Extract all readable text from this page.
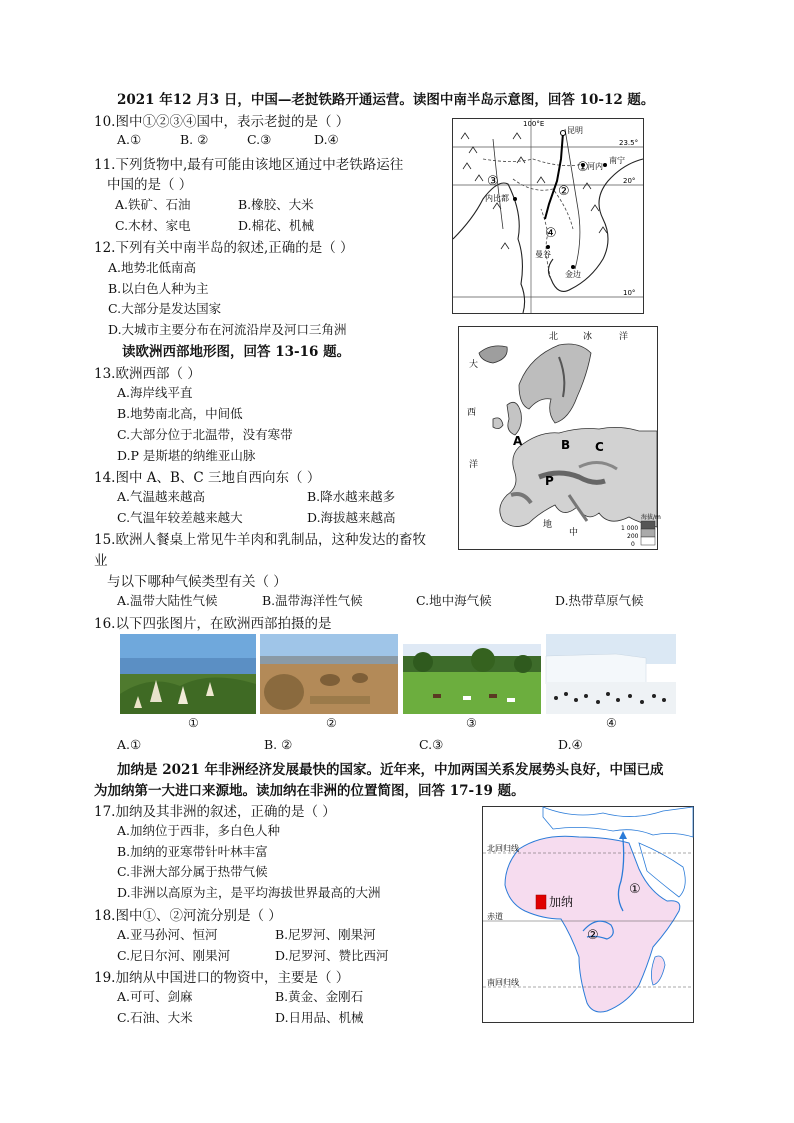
2021 年12 月3 日，中国—老挝铁路开通运营。读图中南半岛示意图，回答 10-12 题。
10.图中①②③④国中，表示老挝的是（ ）
A.①	B. ②	C.③	D.④
11.下列货物中,最有可能由该地区通过中老铁路运往
中国的是（ ）
A.铁矿、石油	B.橡胶、大米
C.木材、家电	D.棉花、机械
12.下列有关中南半岛的叙述,正确的是（ ）
A.地势北低南高
B.以白色人种为主
C.大部分是发达国家
D.大城市主要分布在河流沿岸及河口三角洲
100°E
23.5°
20°
10°
昆明
南宁
河内
内比都
曼谷
金边
①
②
③
④
读欧洲西部地形图，回答 13-16 题。
13.欧洲西部（ ）
A.海岸线平直
B.地势南北高，中间低
C.大部分位于北温带，没有寒带
D.P 是斯堪的纳维亚山脉
14.图中 A、B、C 三地自西向东（ ）
A.气温越来越高	B.降水越来越多
C.气温年较差越来越大	D.海拔越来越高
15.欧洲人餐桌上常见牛羊肉和乳制品，这种发达的畜牧
业
与以下哪种气候类型有关（ ）
A.温带大陆性气候	B.温带海洋性气候	C.地中海气候	D.热带草原气候
16.以下四张图片，在欧洲西部拍摄的是
海拔/m
1 000
200
0
北	冰	洋
大
西
洋
地
中
A	B C
P
①	②	③	④
A.①	B. ②	C.③	D.④
加纳是 2021 年非洲经济发展最快的国家。近年来，中加两国关系发展势头良好，中国已成
为加纳第一大进口来源地。读加纳在非洲的位置简图，回答 17-19 题。
17.加纳及其非洲的叙述，正确的是（ ）
A.加纳位于西非，多白色人种
B.加纳的亚寒带针叶林丰富
C.非洲大部分属于热带气候
D.非洲以高原为主，是平均海拔世界最高的大洲
18.图中①、②河流分别是（ ）
A.亚马孙河、恒河	B.尼罗河、刚果河
C.尼日尔河、刚果河	D.尼罗河、赞比西河
19.加纳从中国进口的物资中，主要是（ ）
A.可可、剑麻	B.黄金、金刚石
C.石油、大米	D.日用品、机械
北回归线
赤道
南回归线
加纳
①
②
